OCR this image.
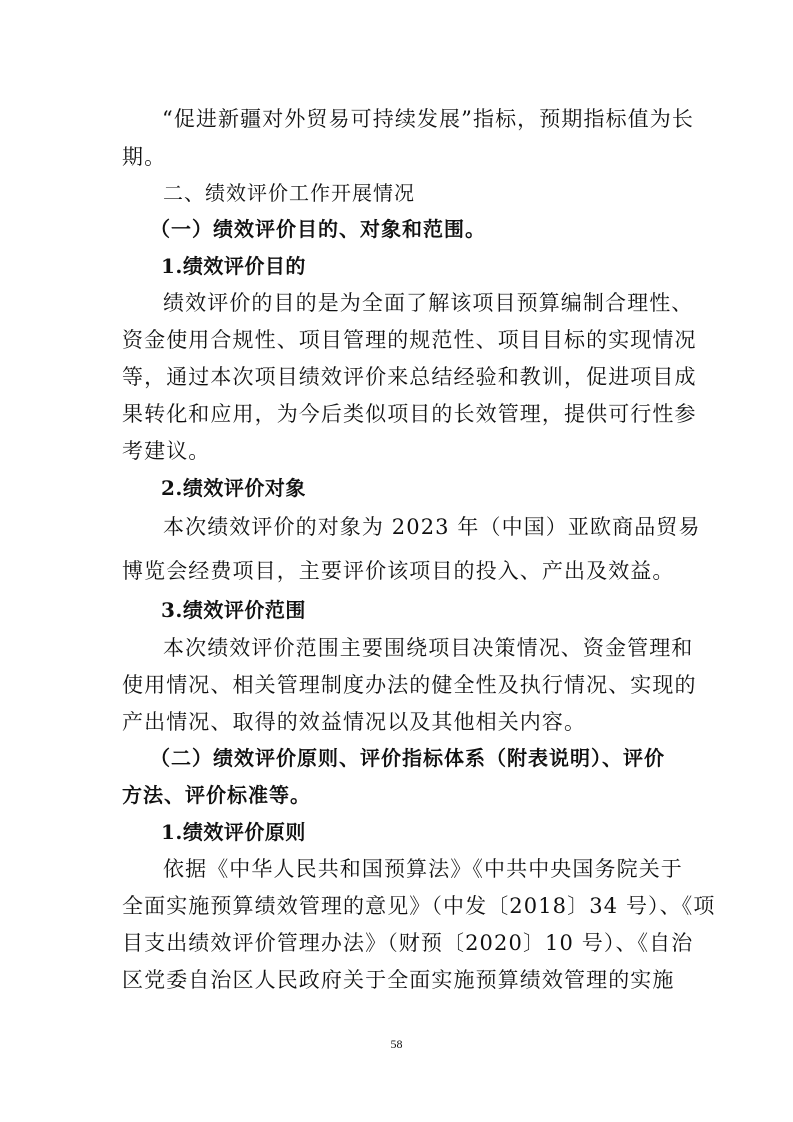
“促进新疆对外贸易可持续发展”指标，预期指标值为长
期。
二、绩效评价工作开展情况
（一）绩效评价目的、对象和范围。
1.绩效评价目的
绩效评价的目的是为全面了解该项目预算编制合理性、
资金使用合规性、项目管理的规范性、项目目标的实现情况
等，通过本次项目绩效评价来总结经验和教训，促进项目成
果转化和应用，为今后类似项目的长效管理，提供可行性参
考建议。
2.绩效评价对象
本次绩效评价的对象为 2023 年（中国）亚欧商品贸易
博览会经费项目，主要评价该项目的投入、产出及效益。
3.绩效评价范围
本次绩效评价范围主要围绕项目决策情况、资金管理和
使用情况、相关管理制度办法的健全性及执行情况、实现的
产出情况、取得的效益情况以及其他相关内容。
（二）绩效评价原则、评价指标体系（附表说明）、评价
方法、评价标准等。
1.绩效评价原则
依据《中华人民共和国预算法》《中共中央国务院关于
全面实施预算绩效管理的意见》（中发〔2018〕34 号）、《项
目支出绩效评价管理办法》（财预〔2020〕10 号）、《自治
区党委自治区人民政府关于全面实施预算绩效管理的实施
58
